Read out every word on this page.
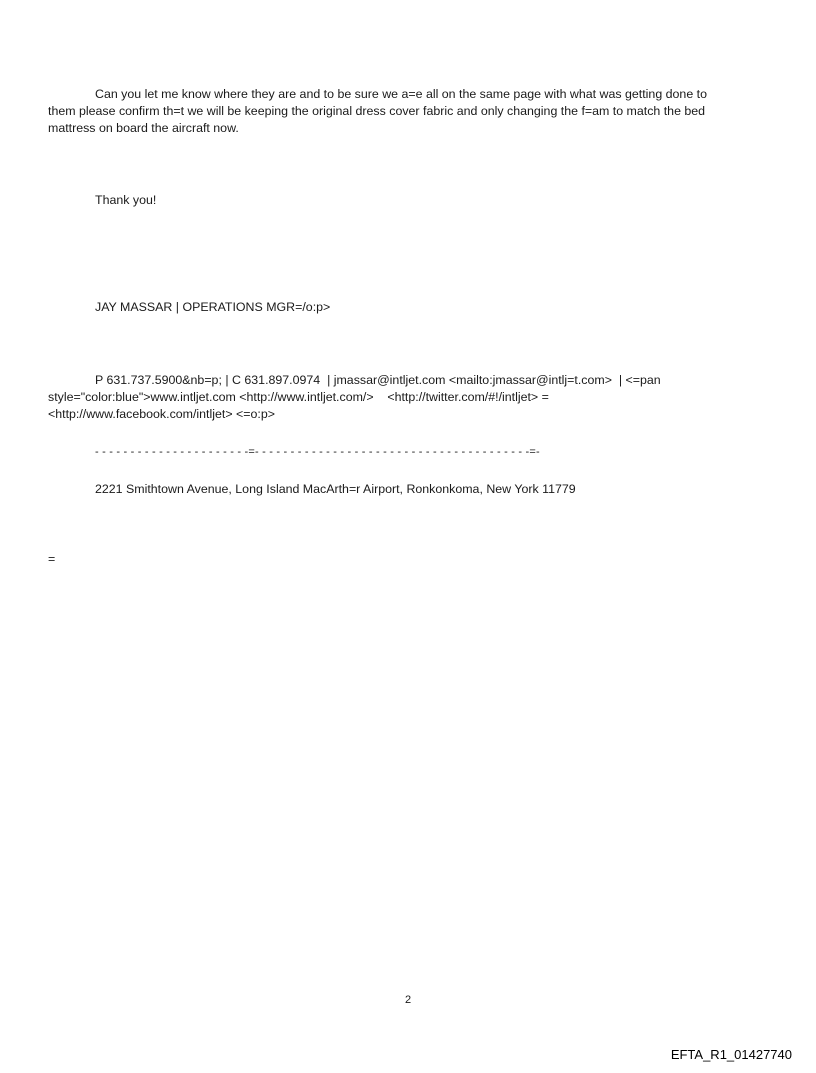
Can you let me know where they are and to be sure we a=e all on the same page with what was getting done to
them please confirm th=t we will be keeping the original dress cover fabric and only changing the f=am to match the bed
mattress on board the aircraft now.
Thank you!
JAY MASSAR | OPERATIONS MGR=/o:p>
P 631.737.5900&nb=p; | C 631.897.0974  | jmassar@intljet.com <mailto:jmassar@intlj=t.com>  | <=pan
style="color:blue">www.intljet.com <http://www.intljet.com/>    <http://twitter.com/#!/intljet> =
<http://www.facebook.com/intljet> <=o:p>
- - - - - - - - - - - - - - - - - - - - - -=- - - - - - - - - - - - - - - - - - - - - - - - - - - - - - - - - - - - - - -=-
2221 Smithtown Avenue, Long Island MacArth=r Airport, Ronkonkoma, New York 11779
=
2
EFTA_R1_01427740
